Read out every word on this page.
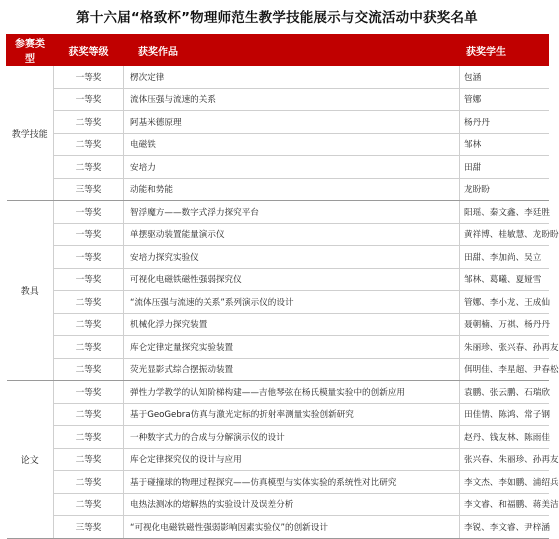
第十六届“格致杯”物理师范生教学技能展示与交流活动中获奖名单
参赛类型	获奖等级	获奖作品	获奖学生
教学技能	一等奖	楞次定律	包涵
	一等奖	流体压强与流速的关系	管娜
	二等奖	阿基米德原理	杨丹丹
	二等奖	电磁铁	邹林
	二等奖	安培力	田甜
	三等奖	动能和势能	龙盼盼
教具	一等奖	智浮魔方——数字式浮力探究平台	阳瑶、秦文鑫、李廷胜
	一等奖	单摆驱动装置能量演示仪	黄祥博、桂敏慧、龙盼盼
	一等奖	安培力探究实验仪	田甜、李加尚、吴立
	一等奖	可视化电磁铁磁性强弱探究仪	邹林、葛曦、夏娅雪
	二等奖	“流体压强与流速的关系”系列演示仪的设计	管娜、李小龙、王成仙
	二等奖	机械化浮力探究装置	聂朝楠、万祺、杨丹丹
	二等奖	库仑定律定量探究实验装置	朱丽珍、张兴春、孙再友
	二等奖	荧光显影式综合摆振动装置	佴明佳、李星超、尹春松
论文	一等奖	弹性力学教学的认知阶梯构建——吉他琴弦在杨氏模量实验中的创新应用	袁鹏、张云鹏、石瑞欣
	二等奖	基于GeoGebra仿真与激光定标的折射率测量实验创新研究	田佳情、陈鸿、常子钢
	二等奖	一种数字式力的合成与分解演示仪的设计	赵丹、钱友林、陈雨佳
	二等奖	库仑定律探究仪的设计与应用	张兴春、朱丽珍、孙再友
	二等奖	基于碰撞球的物理过程探究——仿真模型与实体实验的系统性对比研究	李文杰、李如鹏、浦绍兵
	二等奖	电热法测冰的熔解热的实验设计及误差分析	李文睿、和福鹏、蒋美洁
	三等奖	“可视化电磁铁磁性强弱影响因素实验仪”的创新设计	李锐、李文睿、尹梓涵
